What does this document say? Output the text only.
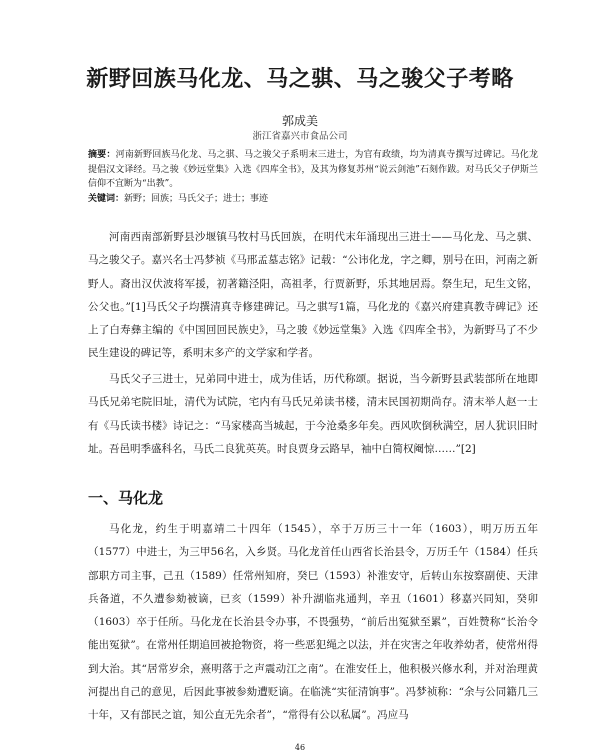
新野回族马化龙、马之骐、马之骏父子考略
郭成美
浙江省嘉兴市食品公司
摘要：河南新野回族马化龙、马之骐、马之骏父子系明末三进士，为官有政绩，均为清真寺撰写过碑记。马化龙提倡汉文译经。马之骏《妙远堂集》入选《四库全书》，及其为修复苏州“说云剑池”石刻作跋。对马氏父子伊斯兰信仰不宜断为“出教”。
关键词：新野；回族；马氏父子；进士；事迹

河南西南部新野县沙堰镇马牧村马氏回族，在明代末年涌现出三进士——马化龙、马之骐、马之骏父子。嘉兴名士冯梦祯《马邢孟墓志铭》记载：“公讳化龙，字之卿，别号在田，河南之新野人。裔出汉伏波将军援，初著籍泾阳，高祖孝，行贾新野，乐其地居焉。祭生玘，玘生文铭，公父也。”[1]马氏父子均撰清真寺修建碑记。马之骐写1篇，马化龙的《嘉兴府建真教寺碑记》还上了白寿彝主编的《中国回回民族史》，马之骏《妙远堂集》入选《四库全书》，为新野马了不少民生建设的碑记等，系明末多产的文学家和学者。

马氏父子三进士，兄弟同中进士，成为佳话，历代称颂。据说，当今新野县武装部所在地即马氏兄弟宅院旧址，清代为试院，宅内有马氏兄弟读书楼，清末民国初期尚存。清末举人赵一士有《马氏读书楼》诗记之：“马家楼高当城起，于今沧桑多年矣。西风吹倒秋满空，居人犹识旧时址。吾邑明季盛科名，马氏二良犹英英。时良贾身云路早，袖中白简权阉惊……”[2]

一、马化龙

马化龙，约生于明嘉靖二十四年（1545），卒于万历三十一年（1603），明万历五年（1577）中进士，为三甲56名，入乡贤。马化龙首任山西省长治县令，万历壬午（1584）任兵部职方司主事，己丑（1589）任常州知府，癸巳（1593）补淮安守，后转山东按察副使、天津兵备道，不久遭参劾被谪，已亥（1599）补升湖临兆通判，辛丑（1601）移嘉兴同知，癸卯（1603）卒于任所。马化龙在长治县令办事，不畏强势，“前后出冤狱至累”，百姓赞称“长治令能出冤狱”。在常州任期追回被抢物资，将一些恶犯绳之以法，并在灾害之年收养幼者，使常州得到大治。其“居常岁余，熹明落于之声震动江之南”。在淮安任上，他积极兴修水利，并对治理黄河提出自己的意见，后因此事被参劾遭贬谪。在临洮“实征清饷事”。冯梦祯称：“余与公同籍几三十年，又有部民之谊，知公直无先余者”，“常得有公以私属”。冯应马

46
